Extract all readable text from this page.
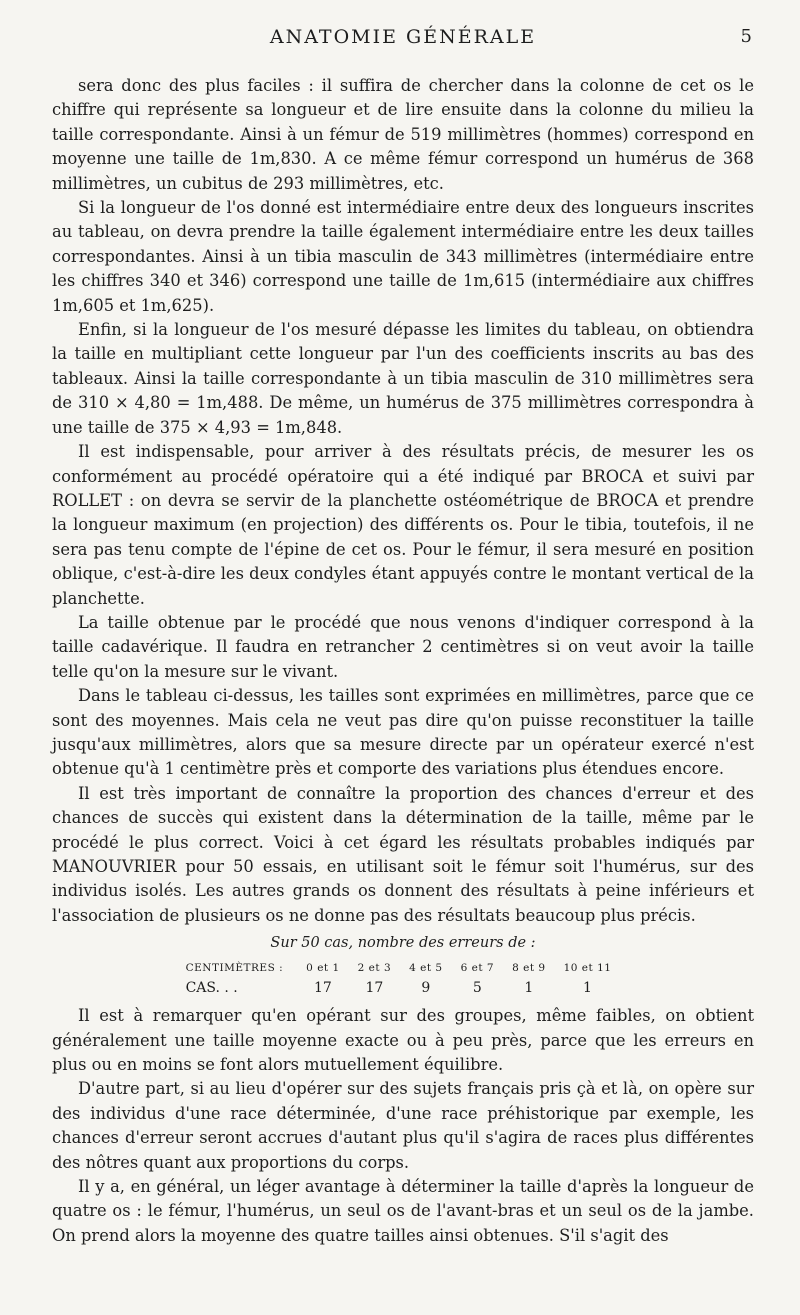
ANATOMIE GÉNÉRALE	5

sera donc des plus faciles : il suffira de chercher dans la colonne de cet os le chiffre qui représente sa longueur et de lire ensuite dans la colonne du milieu la taille correspondante. Ainsi à un fémur de 519 millimètres (hommes) correspond en moyenne une taille de 1m,830. A ce même fémur correspond un humérus de 368 millimètres, un cubitus de 293 millimètres, etc.

Si la longueur de l'os donné est intermédiaire entre deux des longueurs inscrites au tableau, on devra prendre la taille également intermédiaire entre les deux tailles correspondantes. Ainsi à un tibia masculin de 343 millimètres (intermédiaire entre les chiffres 340 et 346) correspond une taille de 1m,615 (intermédiaire aux chiffres 1m,605 et 1m,625).

Enfin, si la longueur de l'os mesuré dépasse les limites du tableau, on obtiendra la taille en multipliant cette longueur par l'un des coefficients inscrits au bas des tableaux. Ainsi la taille correspondante à un tibia masculin de 310 millimètres sera de 310 × 4,80 = 1m,488. De même, un humérus de 375 millimètres correspondra à une taille de 375 × 4,93 = 1m,848.

Il est indispensable, pour arriver à des résultats précis, de mesurer les os conformément au procédé opératoire qui a été indiqué par BROCA et suivi par ROLLET : on devra se servir de la planchette ostéométrique de BROCA et prendre la longueur maximum (en projection) des différents os. Pour le tibia, toutefois, il ne sera pas tenu compte de l'épine de cet os. Pour le fémur, il sera mesuré en position oblique, c'est-à-dire les deux condyles étant appuyés contre le montant vertical de la planchette.

La taille obtenue par le procédé que nous venons d'indiquer correspond à la taille cadavérique. Il faudra en retrancher 2 centimètres si on veut avoir la taille telle qu'on la mesure sur le vivant.

Dans le tableau ci-dessus, les tailles sont exprimées en millimètres, parce que ce sont des moyennes. Mais cela ne veut pas dire qu'on puisse reconstituer la taille jusqu'aux millimètres, alors que sa mesure directe par un opérateur exercé n'est obtenue qu'à 1 centimètre près et comporte des variations plus étendues encore.

Il est très important de connaître la proportion des chances d'erreur et des chances de succès qui existent dans la détermination de la taille, même par le procédé le plus correct. Voici à cet égard les résultats probables indiqués par MANOUVRIER pour 50 essais, en utilisant soit le fémur soit l'humérus, sur des individus isolés. Les autres grands os donnent des résultats à peine inférieurs et l'association de plusieurs os ne donne pas des résultats beaucoup plus précis.

Sur 50 cas, nombre des erreurs de :
CENTIMÈTRES :	0 et 1	2 et 3	4 et 5	6 et 7	8 et 9	10 et 11
CAS. . .	17	17	9	5	1	1

Il est à remarquer qu'en opérant sur des groupes, même faibles, on obtient généralement une taille moyenne exacte ou à peu près, parce que les erreurs en plus ou en moins se font alors mutuellement équilibre.

D'autre part, si au lieu d'opérer sur des sujets français pris çà et là, on opère sur des individus d'une race déterminée, d'une race préhistorique par exemple, les chances d'erreur seront accrues d'autant plus qu'il s'agira de races plus différentes des nôtres quant aux proportions du corps.

Il y a, en général, un léger avantage à déterminer la taille d'après la longueur de quatre os : le fémur, l'humérus, un seul os de l'avant-bras et un seul os de la jambe. On prend alors la moyenne des quatre tailles ainsi obtenues. S'il s'agit des
